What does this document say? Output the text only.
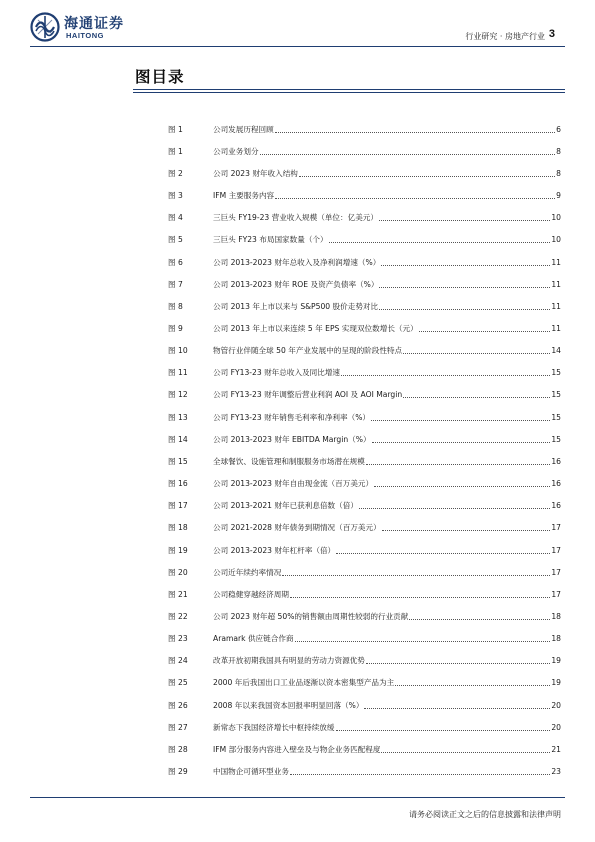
海通证券
HAITONG	行业研究 · 房地产行业 3
图目录
图 1	公司发展历程回顾	6
图 1	公司业务划分	8
图 2	公司 2023 财年收入结构	8
图 3	IFM 主要服务内容	9
图 4	三巨头 FY19-23 营业收入规模（单位：亿美元）	10
图 5	三巨头 FY23 布局国家数量（个）	10
图 6	公司 2013-2023 财年总收入及净利润增速（%）	11
图 7	公司 2013-2023 财年 ROE 及资产负债率（%）	11
图 8	公司 2013 年上市以来与 S&P500 股价走势对比	11
图 9	公司 2013 年上市以来连续 5 年 EPS 实现双位数增长（元）	11
图 10	物管行业伴随全球 50 年产业发展中的呈现的阶段性特点	14
图 11	公司 FY13-23 财年总收入及同比增速	15
图 12	公司 FY13-23 财年调整后营业利润 AOI 及 AOI Margin	15
图 13	公司 FY13-23 财年销售毛利率和净利率（%）	15
图 14	公司 2013-2023 财年 EBITDA Margin（%）	15
图 15	全球餐饮、设施管理和制服服务市场潜在规模	16
图 16	公司 2013-2023 财年自由现金流（百万美元）	16
图 17	公司 2013-2021 财年已获利息倍数（倍）	16
图 18	公司 2021-2028 财年债务到期情况（百万美元）	17
图 19	公司 2013-2023 财年杠杆率（倍）	17
图 20	公司近年续约率情况	17
图 21	公司稳健穿越经济周期	17
图 22	公司 2023 财年超 50%的销售额由周期性较弱的行业贡献	18
图 23	Aramark 供应链合作商	18
图 24	改革开放初期我国具有明显的劳动力资源优势	19
图 25	2000 年后我国出口工业品逐渐以资本密集型产品为主	19
图 26	2008 年以来我国资本回报率明显回落（%）	20
图 27	新常态下我国经济增长中枢持续放缓	20
图 28	IFM 部分服务内容进入壁垒及与物企业务匹配程度	21
图 29	中国物企可循环型业务	23
请务必阅读正文之后的信息披露和法律声明
